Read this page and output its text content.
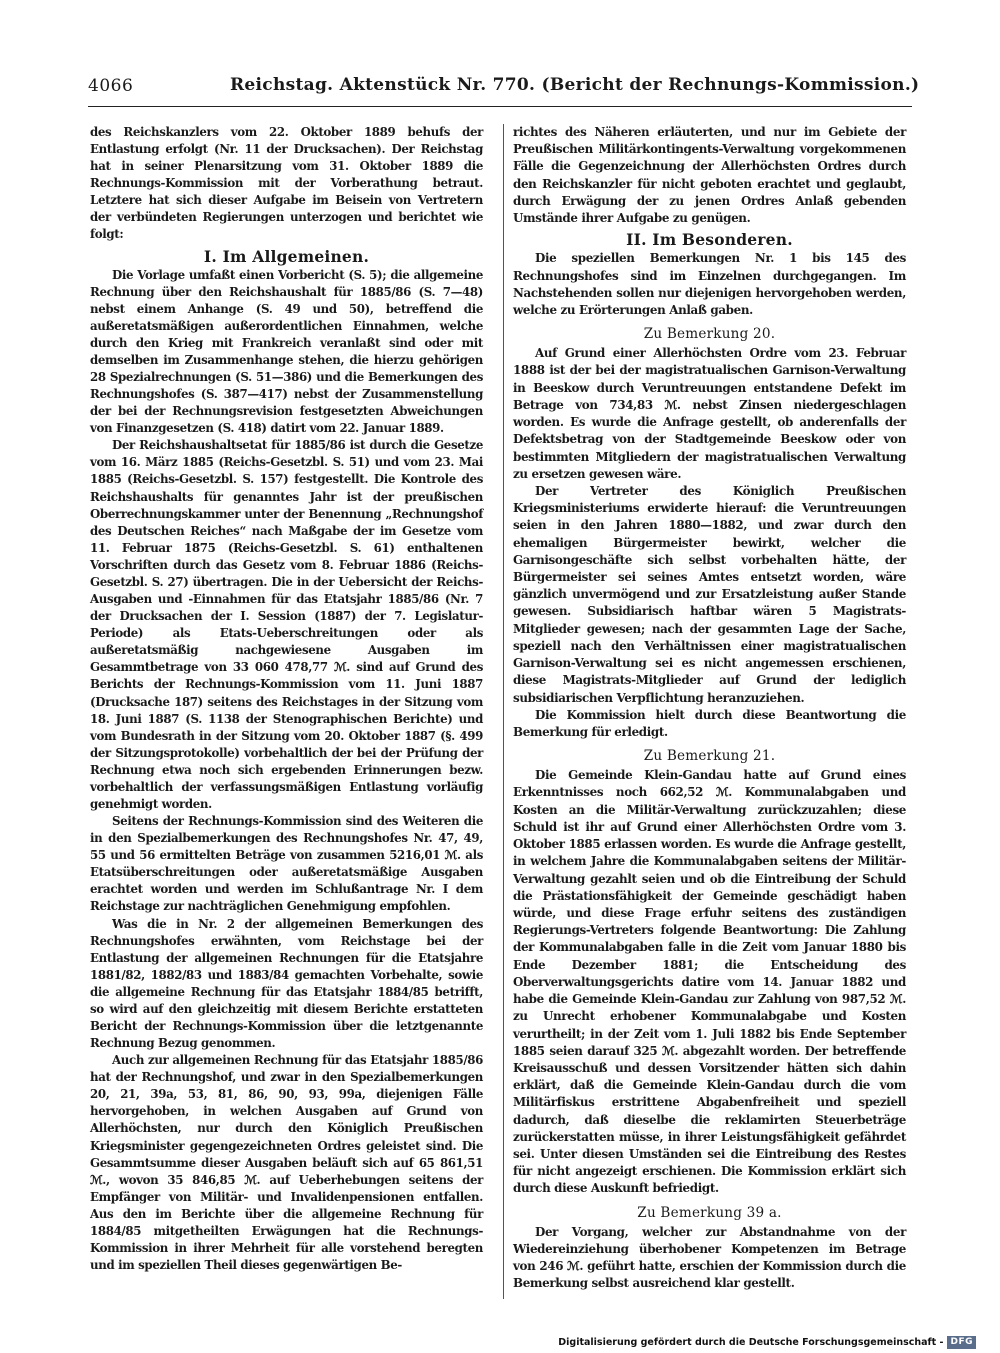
4066	Reichstag. Aktenstück Nr. 770. (Bericht der Rechnungs-Kommission.)

des Reichskanzlers vom 22. Oktober 1889 behufs der Entlastung erfolgt (Nr. 11 der Drucksachen). Der Reichstag hat in seiner Plenarsitzung vom 31. Oktober 1889 die Rechnungs-Kommission mit der Vorberathung betraut. Letztere hat sich dieser Aufgabe im Beisein von Vertretern der verbündeten Regierungen unterzogen und berichtet wie folgt:

I. Im Allgemeinen.

Die Vorlage umfaßt einen Vorbericht (S. 5); die allgemeine Rechnung über den Reichshaushalt für 1885/86 (S. 7—48) nebst einem Anhange (S. 49 und 50), betreffend die außeretatsmäßigen außerordentlichen Einnahmen, welche durch den Krieg mit Frankreich veranlaßt sind oder mit demselben im Zusammenhange stehen, die hierzu gehörigen 28 Spezialrechnungen (S. 51—386) und die Bemerkungen des Rechnungshofes (S. 387—417) nebst der Zusammenstellung der bei der Rechnungsrevision festgesetzten Abweichungen von Finanzgesetzen (S. 418) datirt vom 22. Januar 1889.

Der Reichshaushaltsetat für 1885/86 ist durch die Gesetze vom 16. März 1885 (Reichs-Gesetzbl. S. 51) und vom 23. Mai 1885 (Reichs-Gesetzbl. S. 157) festgestellt. Die Kontrole des Reichshaushalts für genanntes Jahr ist der preußischen Oberrechnungskammer unter der Benennung „Rechnungshof des Deutschen Reiches“ nach Maßgabe der im Gesetze vom 11. Februar 1875 (Reichs-Gesetzbl. S. 61) enthaltenen Vorschriften durch das Gesetz vom 8. Februar 1886 (Reichs-Gesetzbl. S. 27) übertragen. Die in der Uebersicht der Reichs-Ausgaben und -Einnahmen für das Etatsjahr 1885/86 (Nr. 7 der Drucksachen der I. Session (1887) der 7. Legislatur-Periode) als Etats-Ueberschreitungen oder als außeretatsmäßig nachgewiesene Ausgaben im Gesammtbetrage von 33 060 478,77 ℳ. sind auf Grund des Berichts der Rechnungs-Kommission vom 11. Juni 1887 (Drucksache 187) seitens des Reichstages in der Sitzung vom 18. Juni 1887 (S. 1138 der Stenographischen Berichte) und vom Bundesrath in der Sitzung vom 20. Oktober 1887 (§. 499 der Sitzungsprotokolle) vorbehaltlich der bei der Prüfung der Rechnung etwa noch sich ergebenden Erinnerungen bezw. vorbehaltlich der verfassungsmäßigen Entlastung vorläufig genehmigt worden.

Seitens der Rechnungs-Kommission sind des Weiteren die in den Spezialbemerkungen des Rechnungshofes Nr. 47, 49, 55 und 56 ermittelten Beträge von zusammen 5216,01 ℳ. als Etatsüberschreitungen oder außeretatsmäßige Ausgaben erachtet worden und werden im Schlußantrage Nr. I dem Reichstage zur nachträglichen Genehmigung empfohlen.

Was die in Nr. 2 der allgemeinen Bemerkungen des Rechnungshofes erwähnten, vom Reichstage bei der Entlastung der allgemeinen Rechnungen für die Etatsjahre 1881/82, 1882/83 und 1883/84 gemachten Vorbehalte, sowie die allgemeine Rechnung für das Etatsjahr 1884/85 betrifft, so wird auf den gleichzeitig mit diesem Berichte erstatteten Bericht der Rechnungs-Kommission über die letztgenannte Rechnung Bezug genommen.

Auch zur allgemeinen Rechnung für das Etatsjahr 1885/86 hat der Rechnungshof, und zwar in den Spezialbemerkungen 20, 21, 39a, 53, 81, 86, 90, 93, 99a, diejenigen Fälle hervorgehoben, in welchen Ausgaben auf Grund von Allerhöchsten, nur durch den Königlich Preußischen Kriegsminister gegengezeichneten Ordres geleistet sind. Die Gesammtsumme dieser Ausgaben beläuft sich auf 65 861,51 ℳ., wovon 35 846,85 ℳ. auf Ueberhebungen seitens der Empfänger von Militär- und Invalidenpensionen entfallen. Aus den im Berichte über die allgemeine Rechnung für 1884/85 mitgetheilten Erwägungen hat die Rechnungs-Kommission in ihrer Mehrheit für alle vorstehend beregten und im speziellen Theil dieses gegenwärtigen Be-

richtes des Näheren erläuterten, und nur im Gebiete der Preußischen Militärkontingents-Verwaltung vorgekommenen Fälle die Gegenzeichnung der Allerhöchsten Ordres durch den Reichskanzler für nicht geboten erachtet und geglaubt, durch Erwägung der zu jenen Ordres Anlaß gebenden Umstände ihrer Aufgabe zu genügen.

II. Im Besonderen.

Die speziellen Bemerkungen Nr. 1 bis 145 des Rechnungshofes sind im Einzelnen durchgegangen. Im Nachstehenden sollen nur diejenigen hervorgehoben werden, welche zu Erörterungen Anlaß gaben.

Zu Bemerkung 20.

Auf Grund einer Allerhöchsten Ordre vom 23. Februar 1888 ist der bei der magistratualischen Garnison-Verwaltung in Beeskow durch Veruntreuungen entstandene Defekt im Betrage von 734,83 ℳ. nebst Zinsen niedergeschlagen worden. Es wurde die Anfrage gestellt, ob anderenfalls der Defektsbetrag von der Stadtgemeinde Beeskow oder von bestimmten Mitgliedern der magistratualischen Verwaltung zu ersetzen gewesen wäre.

Der Vertreter des Königlich Preußischen Kriegsministeriums erwiderte hierauf: die Veruntreuungen seien in den Jahren 1880—1882, und zwar durch den ehemaligen Bürgermeister bewirkt, welcher die Garnisongeschäfte sich selbst vorbehalten hätte, der Bürgermeister sei seines Amtes entsetzt worden, wäre gänzlich unvermögend und zur Ersatzleistung außer Stande gewesen. Subsidiarisch haftbar wären 5 Magistrats-Mitglieder gewesen; nach der gesammten Lage der Sache, speziell nach den Verhältnissen einer magistratualischen Garnison-Verwaltung sei es nicht angemessen erschienen, diese Magistrats-Mitglieder auf Grund der lediglich subsidiarischen Verpflichtung heranzuziehen.

Die Kommission hielt durch diese Beantwortung die Bemerkung für erledigt.

Zu Bemerkung 21.

Die Gemeinde Klein-Gandau hatte auf Grund eines Erkenntnisses noch 662,52 ℳ. Kommunalabgaben und Kosten an die Militär-Verwaltung zurückzuzahlen; diese Schuld ist ihr auf Grund einer Allerhöchsten Ordre vom 3. Oktober 1885 erlassen worden. Es wurde die Anfrage gestellt, in welchem Jahre die Kommunalabgaben seitens der Militär-Verwaltung gezahlt seien und ob die Eintreibung der Schuld die Prästationsfähigkeit der Gemeinde geschädigt haben würde, und diese Frage erfuhr seitens des zuständigen Regierungs-Vertreters folgende Beantwortung: Die Zahlung der Kommunalabgaben falle in die Zeit vom Januar 1880 bis Ende Dezember 1881; die Entscheidung des Oberverwaltungsgerichts datire vom 14. Januar 1882 und habe die Gemeinde Klein-Gandau zur Zahlung von 987,52 ℳ. zu Unrecht erhobener Kommunalabgabe und Kosten verurtheilt; in der Zeit vom 1. Juli 1882 bis Ende September 1885 seien darauf 325 ℳ. abgezahlt worden. Der betreffende Kreisausschuß und dessen Vorsitzender hätten sich dahin erklärt, daß die Gemeinde Klein-Gandau durch die vom Militärfiskus erstrittene Abgabenfreiheit und speziell dadurch, daß dieselbe die reklamirten Steuerbeträge zurückerstatten müsse, in ihrer Leistungsfähigkeit gefährdet sei. Unter diesen Umständen sei die Eintreibung des Restes für nicht angezeigt erschienen. Die Kommission erklärt sich durch diese Auskunft befriedigt.

Zu Bemerkung 39 a.

Der Vorgang, welcher zur Abstandnahme von der Wiedereinziehung überhobener Kompetenzen im Betrage von 246 ℳ. geführt hatte, erschien der Kommission durch die Bemerkung selbst ausreichend klar gestellt.

Digitalisierung gefördert durch die Deutsche Forschungsgemeinschaft - DFG
